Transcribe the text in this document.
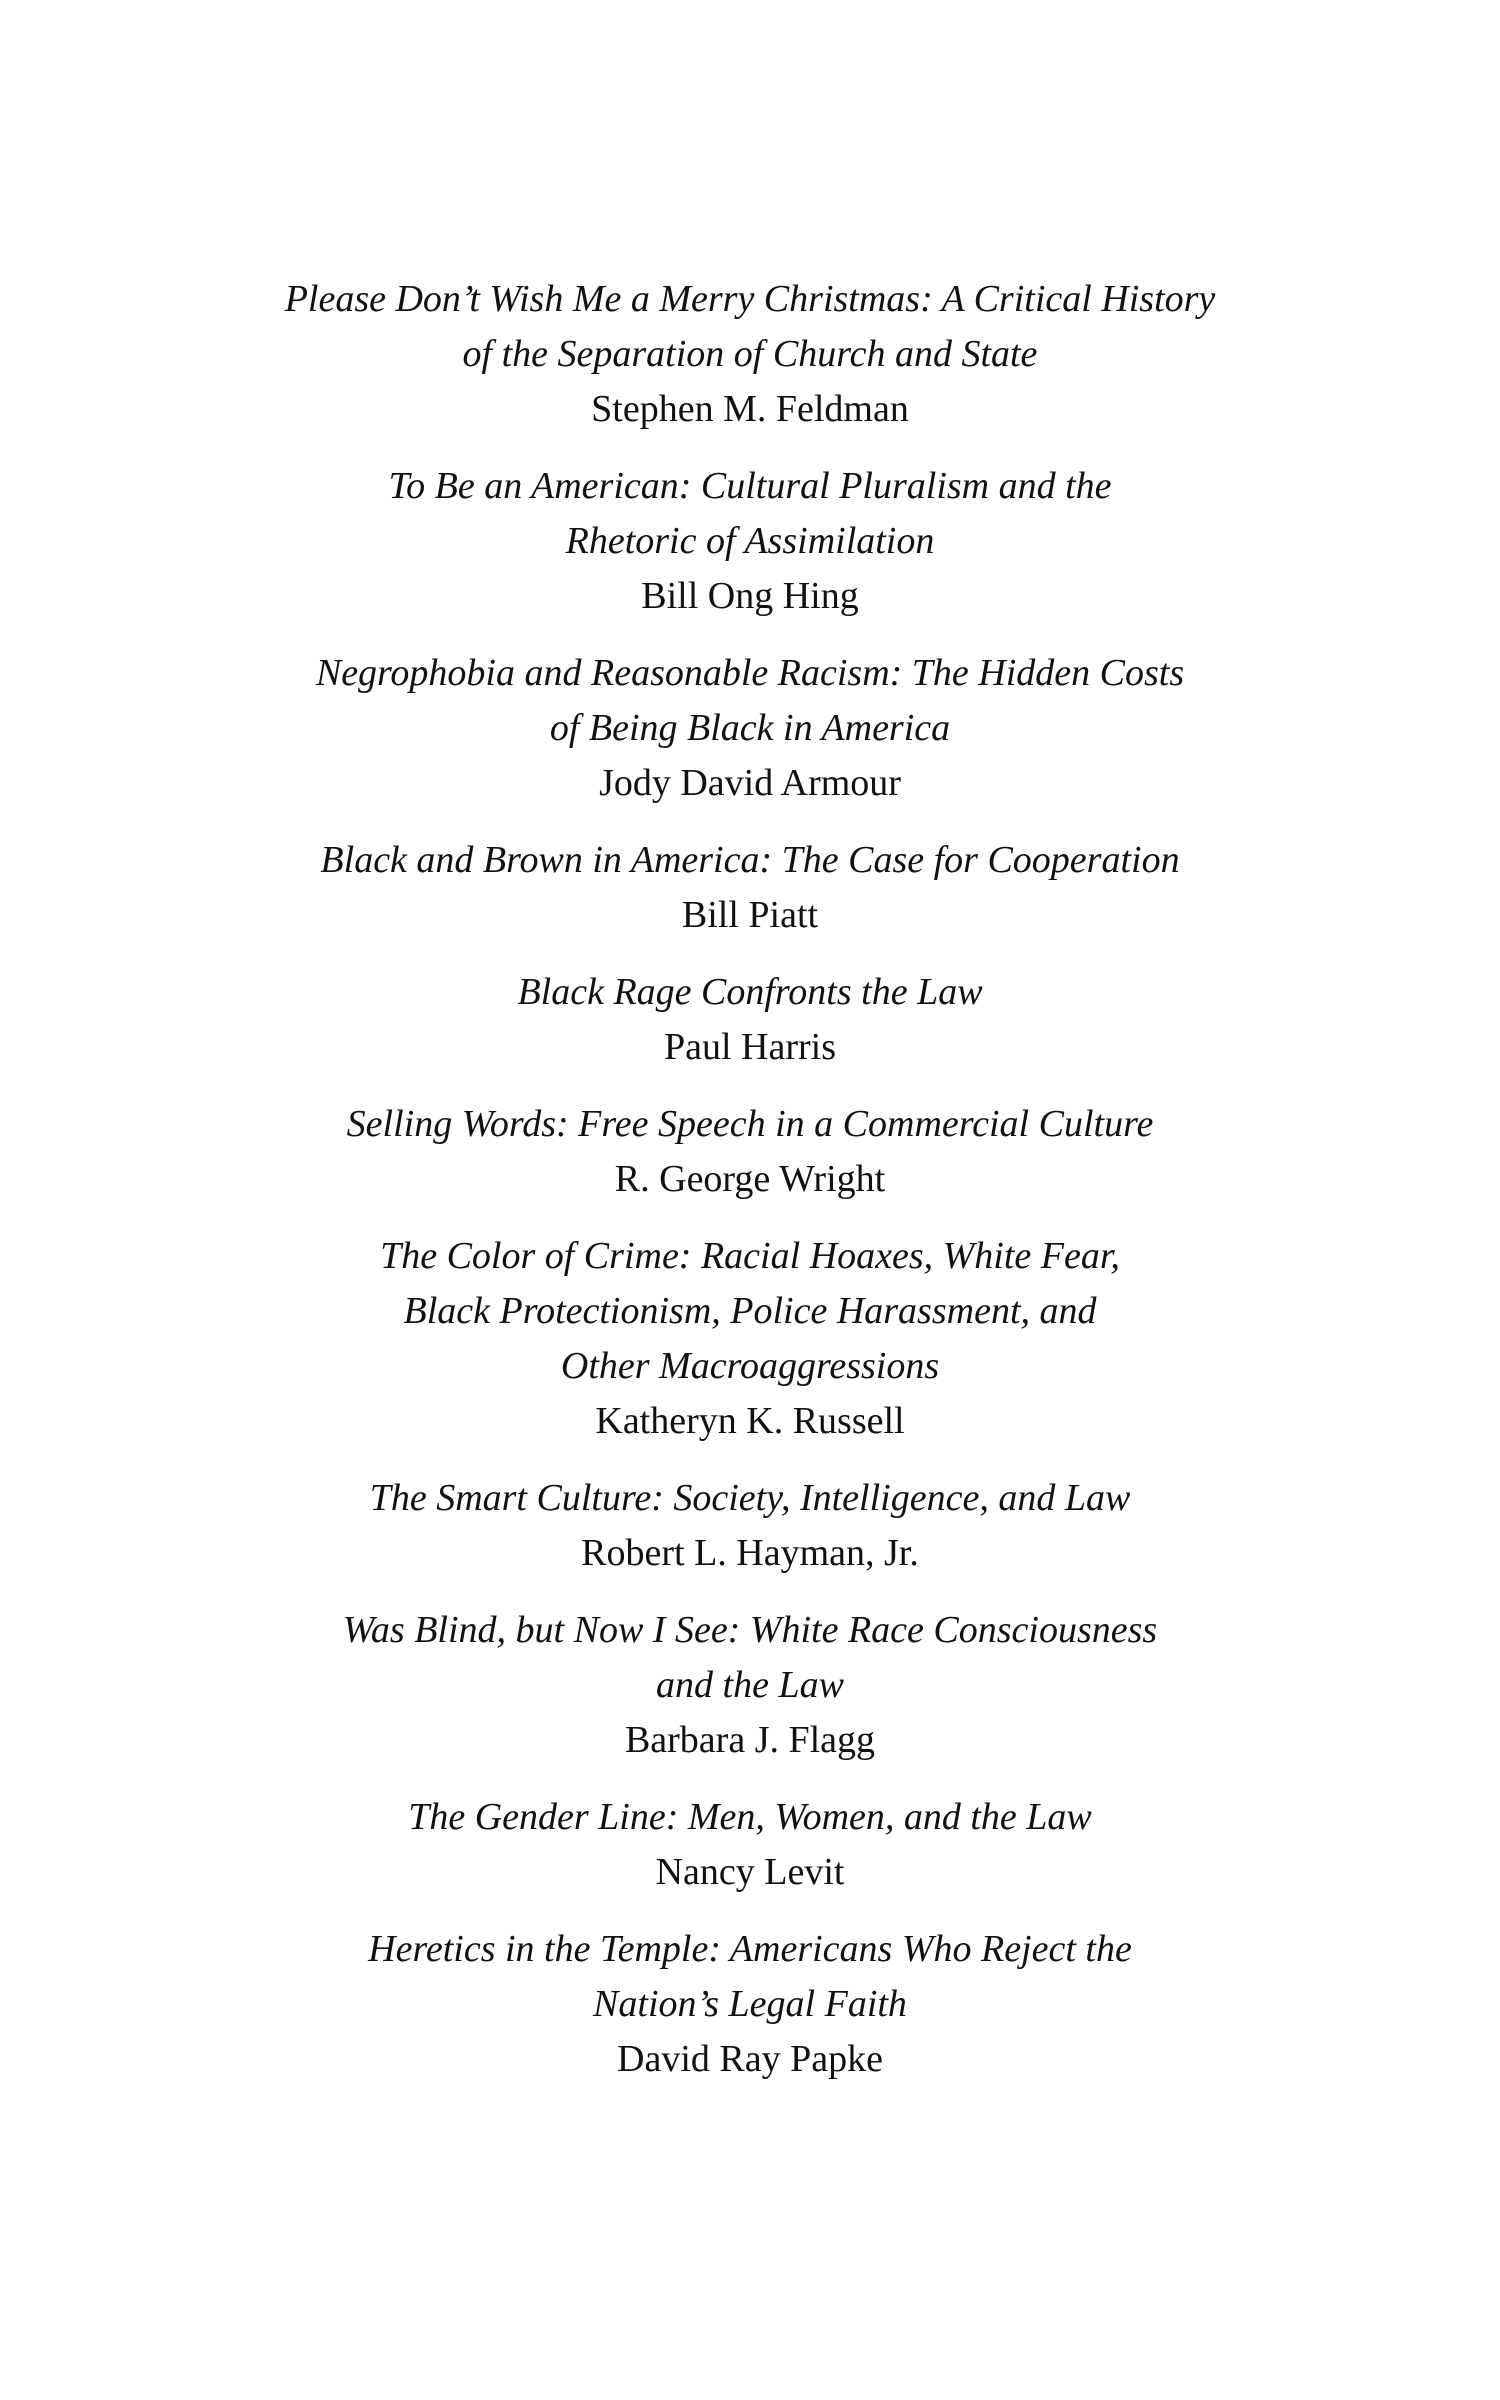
Please Don’t Wish Me a Merry Christmas: A Critical History
of the Separation of Church and State
Stephen M. Feldman
To Be an American: Cultural Pluralism and the
Rhetoric of Assimilation
Bill Ong Hing
Negrophobia and Reasonable Racism: The Hidden Costs
of Being Black in America
Jody David Armour
Black and Brown in America: The Case for Cooperation
Bill Piatt
Black Rage Confronts the Law
Paul Harris
Selling Words: Free Speech in a Commercial Culture
R. George Wright
The Color of Crime: Racial Hoaxes, White Fear,
Black Protectionism, Police Harassment, and
Other Macroaggressions
Katheryn K. Russell
The Smart Culture: Society, Intelligence, and Law
Robert L. Hayman, Jr.
Was Blind, but Now I See: White Race Consciousness
and the Law
Barbara J. Flagg
The Gender Line: Men, Women, and the Law
Nancy Levit
Heretics in the Temple: Americans Who Reject the
Nation’s Legal Faith
David Ray Papke
